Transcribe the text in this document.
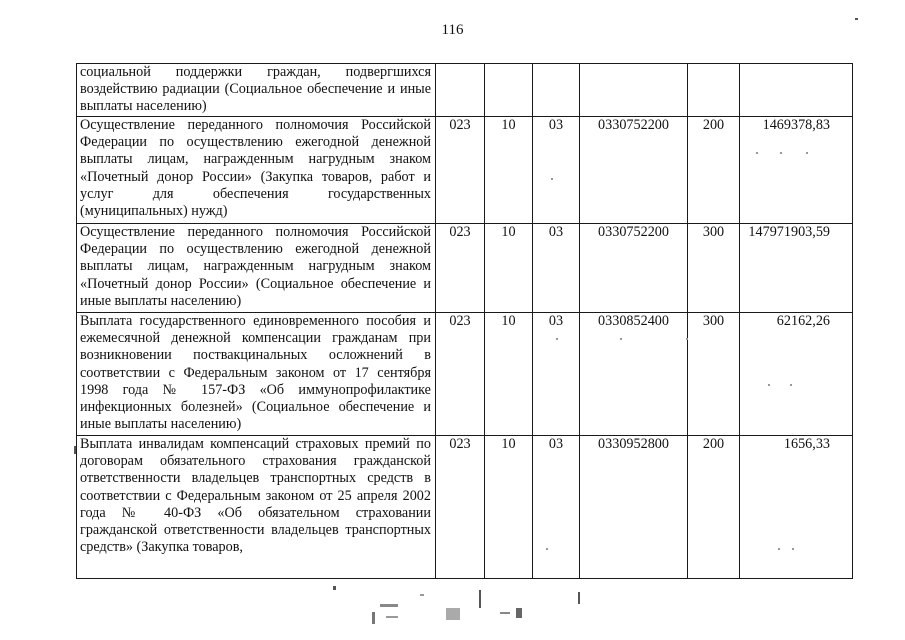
116
социальной поддержки граждан, подвергшихся воздействию радиации (Социальное обеспечение и иные выплаты населению)						
Осуществление переданного полномочия Российской Федерации по осуществлению ежегодной денежной выплаты лицам, награжденным нагрудным знаком «Почетный донор России» (Закупка товаров, работ и услуг для обеспечения государственных (муниципальных) нужд)	023	10	03	0330752200	200	1469378,83
Осуществление переданного полномочия Российской Федерации по осуществлению ежегодной денежной выплаты лицам, награжденным нагрудным знаком «Почетный донор России» (Социальное обеспечение и иные выплаты населению)	023	10	03	0330752200	300	147971903,59
Выплата государственного единовременного пособия и ежемесячной денежной компенсации гражданам при возникновении поствакцинальных осложнений в соответствии с Федеральным законом от 17 сентября 1998 года № 157-ФЗ «Об иммунопрофилактике инфекционных болезней» (Социальное обеспечение и иные выплаты населению)	023	10	03	0330852400	300	62162,26
Выплата инвалидам компенсаций страховых премий по договорам обязательного страхования гражданской ответственности владельцев транспортных средств в соответствии с Федеральным законом от 25 апреля 2002 года № 40-ФЗ «Об обязательном страховании гражданской ответственности владельцев транспортных средств» (Закупка товаров,	023	10	03	0330952800	200	1656,33
